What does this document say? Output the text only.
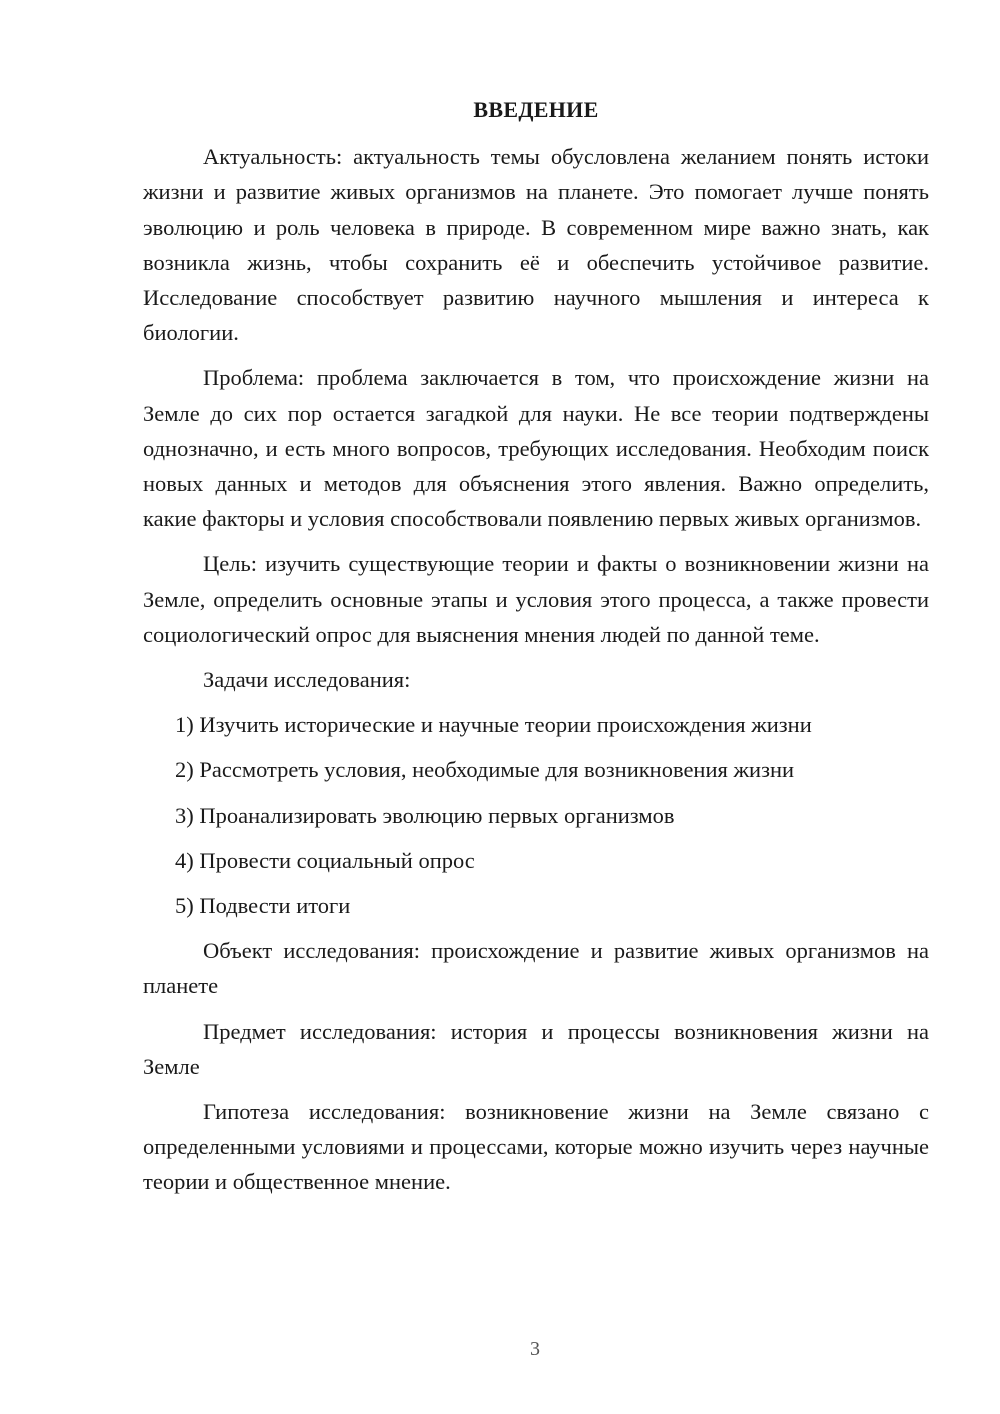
ВВЕДЕНИЕ

Актуальность: актуальность темы обусловлена желанием понять истоки жизни и развитие живых организмов на планете. Это помогает лучше понять эволюцию и роль человека в природе. В современном мире важно знать, как возникла жизнь, чтобы сохранить её и обеспечить устойчивое развитие. Исследование способствует развитию научного мышления и интереса к биологии.

Проблема: проблема заключается в том, что происхождение жизни на Земле до сих пор остается загадкой для науки. Не все теории подтверждены однозначно, и есть много вопросов, требующих исследования. Необходим поиск новых данных и методов для объяснения этого явления. Важно определить, какие факторы и условия способствовали появлению первых живых организмов.

Цель: изучить существующие теории и факты о возникновении жизни на Земле, определить основные этапы и условия этого процесса, а также провести социологический опрос для выяснения мнения людей по данной теме.

Задачи исследования:

1) Изучить исторические и научные теории происхождения жизни
2) Рассмотреть условия, необходимые для возникновения жизни
3) Проанализировать эволюцию первых организмов
4) Провести социальный опрос
5) Подвести итоги

Объект исследования: происхождение и развитие живых организмов на планете

Предмет исследования: история и процессы возникновения жизни на Земле

Гипотеза исследования: возникновение жизни на Земле связано с определенными условиями и процессами, которые можно изучить через научные теории и общественное мнение.

3
